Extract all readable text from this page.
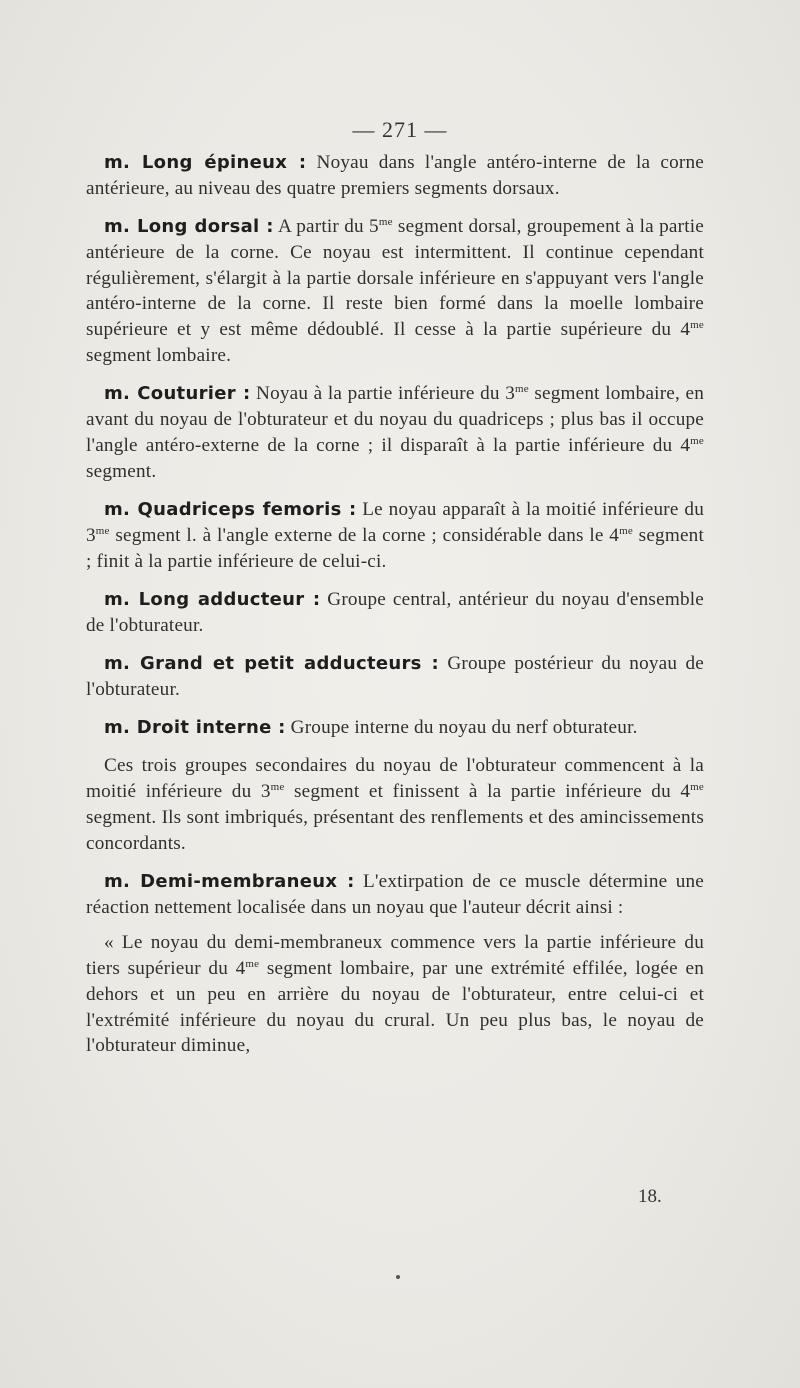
— 271 —

m. Long épineux : Noyau dans l'angle antéro-interne de la corne antérieure, au niveau des quatre premiers segments dorsaux.

m. Long dorsal : A partir du $5^{me}$ segment dorsal, groupement à la partie antérieure de la corne. Ce noyau est intermittent. Il continue cependant régulièrement, s'élargit à la partie dorsale inférieure en s'appuyant vers l'angle antéro-interne de la corne. Il reste bien formé dans la moelle lombaire supérieure et y est même dédoublé. Il cesse à la partie supérieure du $4^{me}$ segment lombaire.

m. Couturier : Noyau à la partie inférieure du $3^{me}$ segment lombaire, en avant du noyau de l'obturateur et du noyau du quadriceps ; plus bas il occupe l'angle antéro-externe de la corne ; il disparaît à la partie inférieure du $4^{me}$ segment.

m. Quadriceps femoris : Le noyau apparaît à la moitié inférieure du $3^{me}$ segment l. à l'angle externe de la corne ; considérable dans le $4^{me}$ segment ; finit à la partie inférieure de celui-ci.

m. Long adducteur : Groupe central, antérieur du noyau d'ensemble de l'obturateur.

m. Grand et petit adducteurs : Groupe postérieur du noyau de l'obturateur.

m. Droit interne : Groupe interne du noyau du nerf obturateur.

Ces trois groupes secondaires du noyau de l'obturateur commencent à la moitié inférieure du $3^{me}$ segment et finissent à la partie inférieure du $4^{me}$ segment. Ils sont imbriqués, présentant des renflements et des amincissements concordants.

m. Demi-membraneux : L'extirpation de ce muscle détermine une réaction nettement localisée dans un noyau que l'auteur décrit ainsi :

« Le noyau du demi-membraneux commence vers la partie inférieure du tiers supérieur du $4^{me}$ segment lombaire, par une extrémité effilée, logée en dehors et un peu en arrière du noyau de l'obturateur, entre celui-ci et l'extrémité inférieure du noyau du crural. Un peu plus bas, le noyau de l'obturateur diminue,

18.
